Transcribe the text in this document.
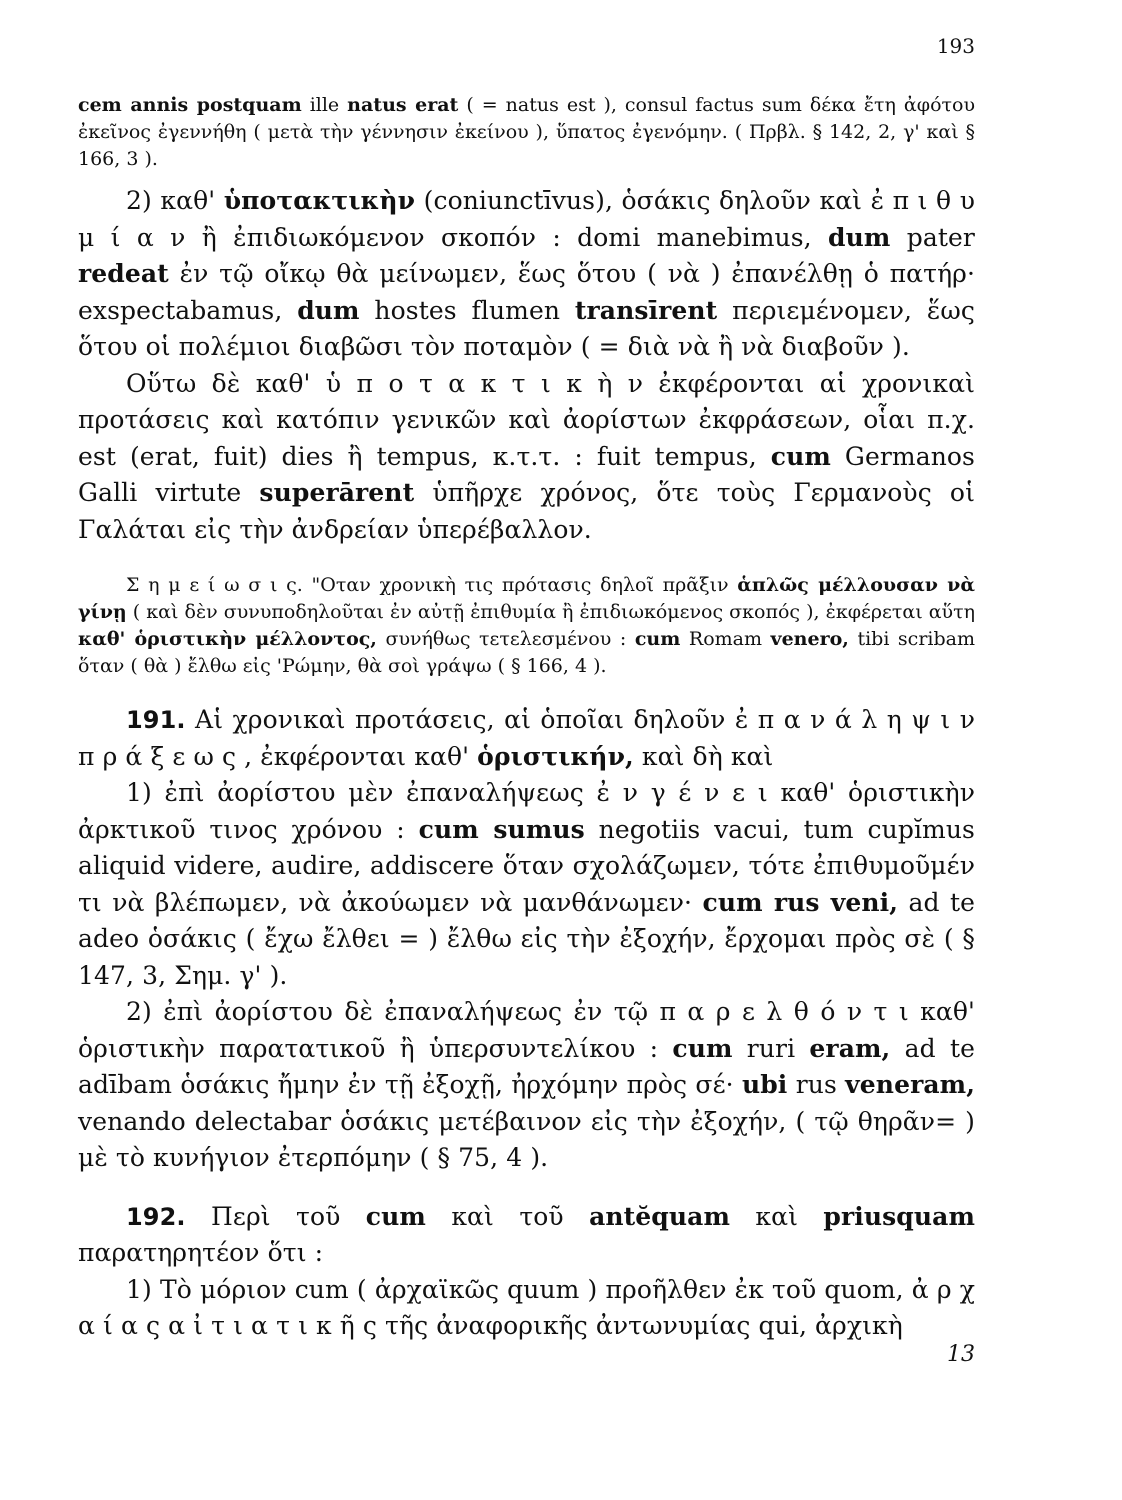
193

cem annis postquam ille natus erat ( = natus est ), consul factus sum δέκα ἔτη ἀφότου ἐκεῖνος ἐγεννήθη ( μετὰ τὴν γέννησιν ἐκείνου ), ὕπατος ἐγενόμην. ( Πρβλ. § 142, 2, γ' καὶ § 166, 3 ).

2) καθ' ὑποτακτικὴν (coniunctīvus), ὁσάκις δηλοῦν καὶ ἐ π ι θ υ μ ί α ν ἢ ἐπιδιωκόμενον σκοπόν : domi manebimus, dum pater redeat ἐν τῷ οἴκῳ θὰ μείνωμεν, ἕως ὅτου ( νὰ ) ἐπανέλθῃ ὁ πατήρ· exspectabamus, dum hostes flumen transīrent περιεμένομεν, ἕως ὅτου οἱ πολέμιοι διαβῶσι τὸν ποταμὸν ( = διὰ νὰ ἢ νὰ διαβοῦν ).

Οὕτω δὲ καθ' ὑ π ο τ α κ τ ι κ ὴ ν ἐκφέρονται αἱ χρονικαὶ προτάσεις καὶ κατόπιν γενικῶν καὶ ἀορίστων ἐκφράσεων, οἷαι π.χ. est (erat, fuit) dies ἢ tempus, κ.τ.τ. : fuit tempus, cum Germanos Galli virtute superārent ὑπῆρχε χρόνος, ὅτε τοὺς Γερμανοὺς οἱ Γαλάται εἰς τὴν ἀνδρείαν ὑπερέβαλλον.

Σ η μ ε ί ω σ ι ς. "Οταν χρονικὴ τις πρότασις δηλοῖ πρᾶξιν ἁπλῶς μέλλουσαν νὰ γίνῃ ( καὶ δὲν συνυποδηλοῦται ἐν αὐτῇ ἐπιθυμία ἢ ἐπιδιωκόμενος σκοπός ), ἐκφέρεται αὕτη καθ' ὁριστικὴν μέλλοντος, συνήθως τετελεσμένου : cum Romam venero, tibi scribam ὅταν ( θὰ ) ἔλθω εἰς 'Ρώμην, θὰ σοὶ γράψω ( § 166, 4 ).

191. Αἱ χρονικαὶ προτάσεις, αἱ ὁποῖαι δηλοῦν ἐ π α ν ά λ η ψ ι ν π ρ ά ξ ε ω ς , ἐκφέρονται καθ' ὁριστικήν, καὶ δὴ καὶ

1) ἐπὶ ἀορίστου μὲν ἐπαναλήψεως ἐ ν γ έ ν ε ι καθ' ὁριστικὴν ἀρκτικοῦ τινος χρόνου : cum sumus negotiis vacui, tum cupĭmus aliquid videre, audire, addiscere ὅταν σχολάζωμεν, τότε ἐπιθυμοῦμέν τι νὰ βλέπωμεν, νὰ ἀκούωμεν νὰ μανθάνωμεν· cum rus veni, ad te adeo ὁσάκις ( ἔχω ἔλθει = ) ἔλθω εἰς τὴν ἐξοχήν, ἔρχομαι πρὸς σὲ ( § 147, 3, Σημ. γ' ).

2) ἐπὶ ἀορίστου δὲ ἐπαναλήψεως ἐν τῷ π α ρ ε λ θ ό ν τ ι καθ' ὁριστικὴν παρατατικοῦ ἢ ὑπερσυντελίκου : cum ruri eram, ad te adībam ὁσάκις ἤμην ἐν τῇ ἐξοχῇ, ἠρχόμην πρὸς σέ· ubi rus veneram, venando delectabar ὁσάκις μετέβαινον εἰς τὴν ἐξοχήν, ( τῷ θηρᾶν= ) μὲ τὸ κυνήγιον ἐτερπόμην ( § 75, 4 ).

192. Περὶ τοῦ cum καὶ τοῦ antĕquam καὶ priusquam παρατηρητέον ὅτι :

1) Τὸ μόριον cum ( ἀρχαϊκῶς quum ) προῆλθεν ἐκ τοῦ quom, ἀ ρ χ α ί α ς α ἰ τ ι α τ ι κ ῆ ς τῆς ἀναφορικῆς ἀντωνυμίας qui, ἀρχικὴ

13
